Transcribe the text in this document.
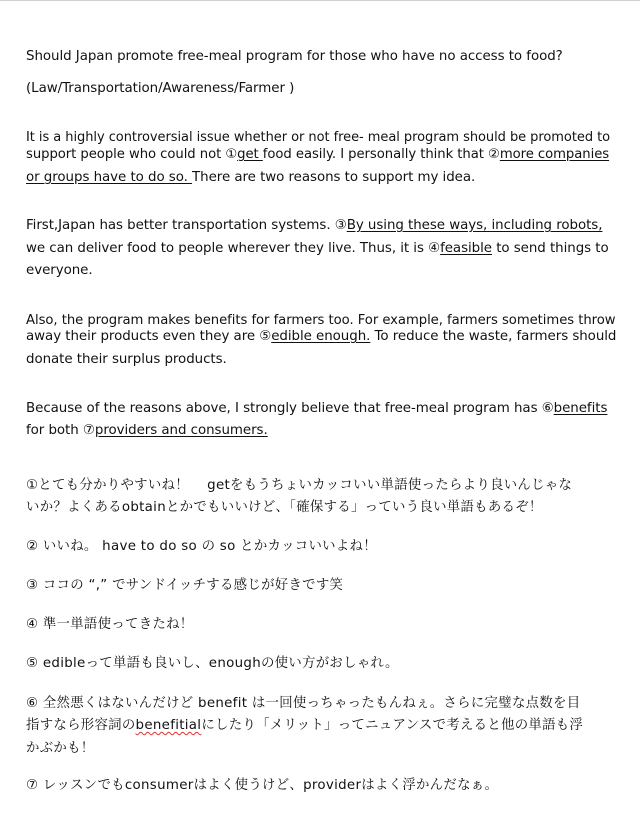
Should Japan promote free-meal program for those who have no access to food?
(Law/Transportation/Awareness/Farmer )
It is a highly controversial issue whether or not free- meal program should be promoted to
support people who could not ①get food easily. I personally think that ②more companies
or groups have to do so. There are two reasons to support my idea.
First,Japan has better transportation systems. ③By using these ways, including robots,
we can deliver food to people wherever they live. Thus, it is ④feasible to send things to
everyone.
Also, the program makes benefits for farmers too. For example, farmers sometimes throw
away their products even they are ⑤edible enough. To reduce the waste, farmers should
donate their surplus products.
Because of the reasons above, I strongly believe that free-meal program has ⑥benefits
for both ⑦providers and consumers.
①とても分かりやすいね！　 getをもうちょいカッコいい単語使ったらより良いんじゃな
いか？よくあるobtainとかでもいいけど、「確保する」っていう良い単語もあるぞ！
② いいね。 have to do so の so とかカッコいいよね！
③ ココの “,” でサンドイッチする感じが好きです笑
④ 準一単語使ってきたね！
⑤ edibleって単語も良いし、enoughの使い方がおしゃれ。
⑥ 全然悪くはないんだけど benefit は一回使っちゃったもんねぇ。さらに完璧な点数を目
指すなら形容詞のbenefitialにしたり「メリット」ってニュアンスで考えると他の単語も浮
かぶかも！
⑦ レッスンでもconsumerはよく使うけど、providerはよく浮かんだなぁ。
